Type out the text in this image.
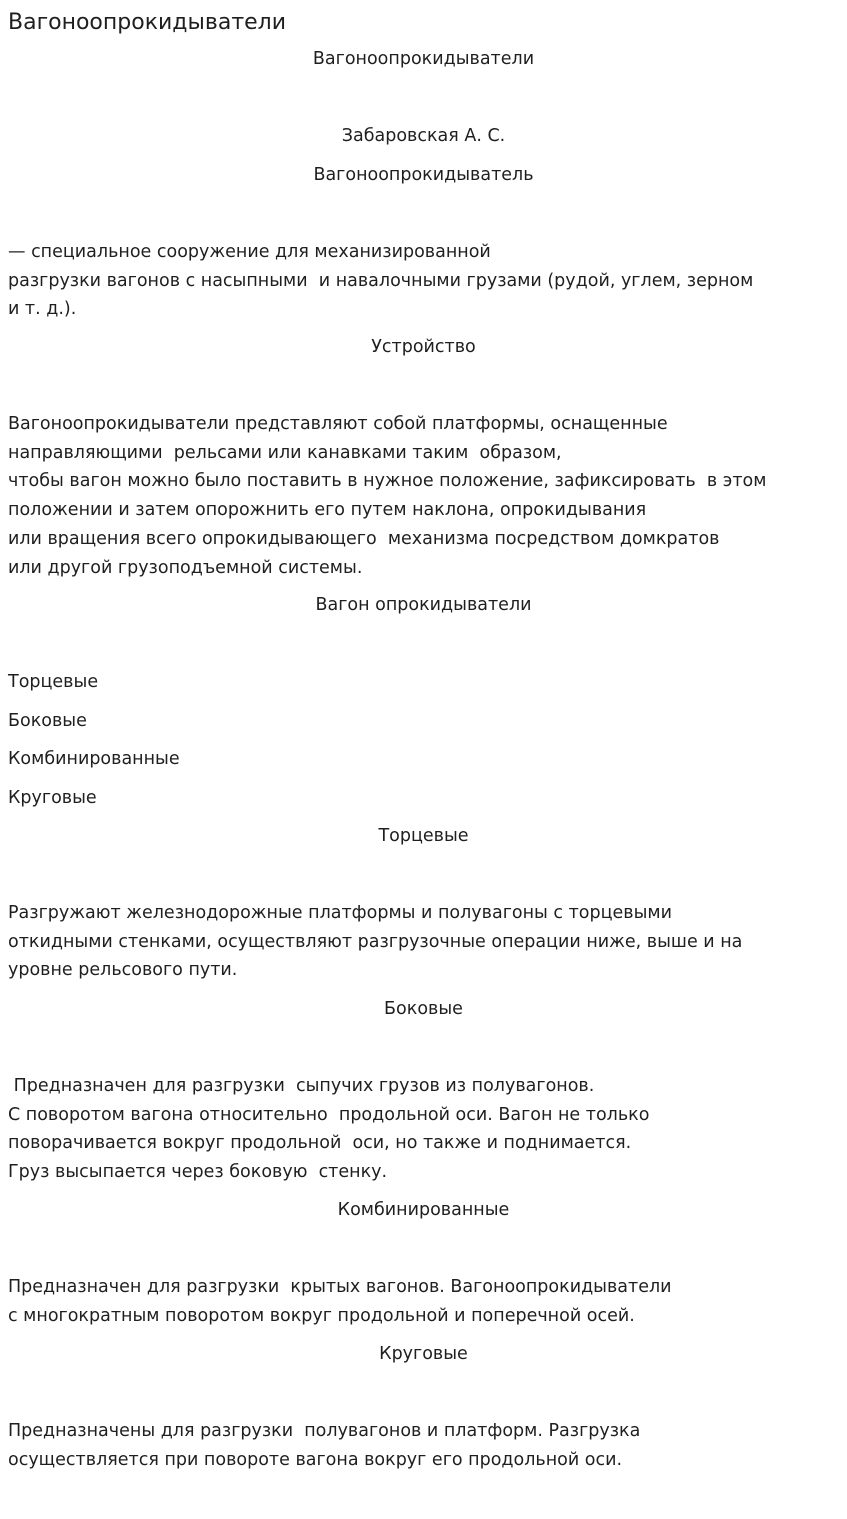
Вагоноопрокидыватели
Вагоноопрокидыватели
Забаровская А. С.
Вагоноопрокидыватель
— специальное сооружение для механизированной
разгрузки вагонов с насыпными  и навалочными грузами (рудой, углем, зерном
и т. д.).
Устройство
Вагоноопрокидыватели представляют собой платформы, оснащенные
направляющими  рельсами или канавками таким  образом,
чтобы вагон можно было поставить в нужное положение, зафиксировать  в этом
положении и затем опорожнить его путем наклона, опрокидывания
или вращения всего опрокидывающего  механизма посредством домкратов
или другой грузоподъемной системы.
Вагон опрокидыватели
Торцевые
Боковые
Комбинированные
Круговые
Торцевые
Разгружают железнодорожные платформы и полувагоны с торцевыми
откидными стенками, осуществляют разгрузочные операции ниже, выше и на
уровне рельсового пути.
Боковые
Предназначен для разгрузки  сыпучих грузов из полувагонов.
С поворотом вагона относительно  продольной оси. Вагон не только
поворачивается вокруг продольной  оси, но также и поднимается.
Груз высыпается через боковую  стенку.
Комбинированные
Предназначен для разгрузки  крытых вагонов. Вагоноопрокидыватели
с многократным поворотом вокруг продольной и поперечной осей.
Круговые
Предназначены для разгрузки  полувагонов и платформ. Разгрузка
осуществляется при повороте вагона вокруг его продольной оси.
